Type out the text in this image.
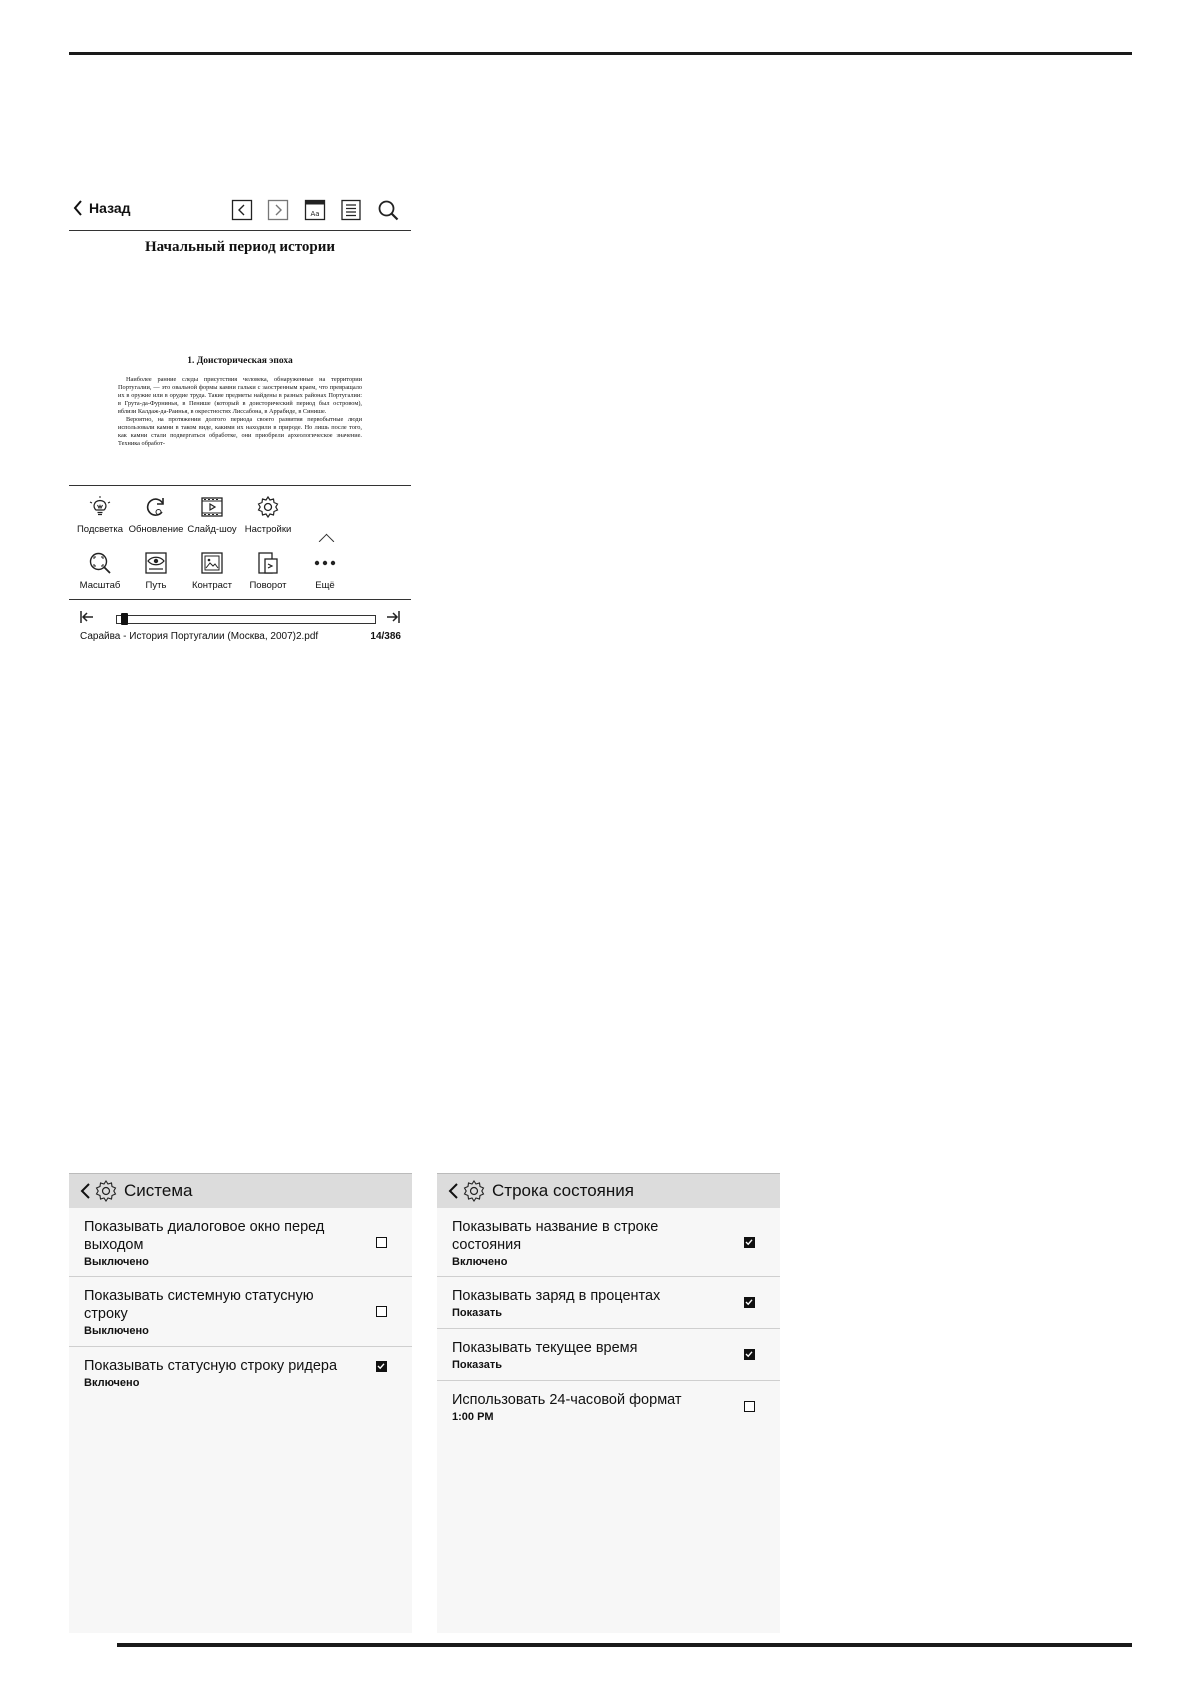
Назад	Aa
Начальный период истории
1. Доисторическая эпоха

Наиболее ранние следы присутствия человека, обнаруженные на территории Португалии, — это овальной формы камни гальки с заостренным краем, что превращало их в оружие или в орудие труда. Такие предметы найдены в разных районах Португалии: в Грута-да-Фурнинья, в Пенише (который в доисторический период был островом), вблизи Калдаж-да-Раинья, в окрестностях Лиссабона, в Аррабиде, в Синише.

Вероятно, на протяжении долгого периода своего развития первобытные люди использовали камни в таком виде, какими их находили в природе. Но лишь после того, как камни стали подвергаться обработке, они приобрели археологическое значение. Техника обработ-

Подсветка Обновление Слайд-шоу Настройки
Масштаб	Путь	Контраст	Поворот	Ещё
Сарайва - История Португалии (Москва, 2007)2.pdf	14/386
Система
Показывать диалоговое окно перед выходом
Выключено
Показывать системную статусную строку
Выключено
Показывать статусную строку ридера
Включено
Строка состояния
Показывать название в строке состояния
Включено
Показывать заряд в процентах
Показать
Показывать текущее время
Показать
Использовать 24-часовой формат
1:00 PM
